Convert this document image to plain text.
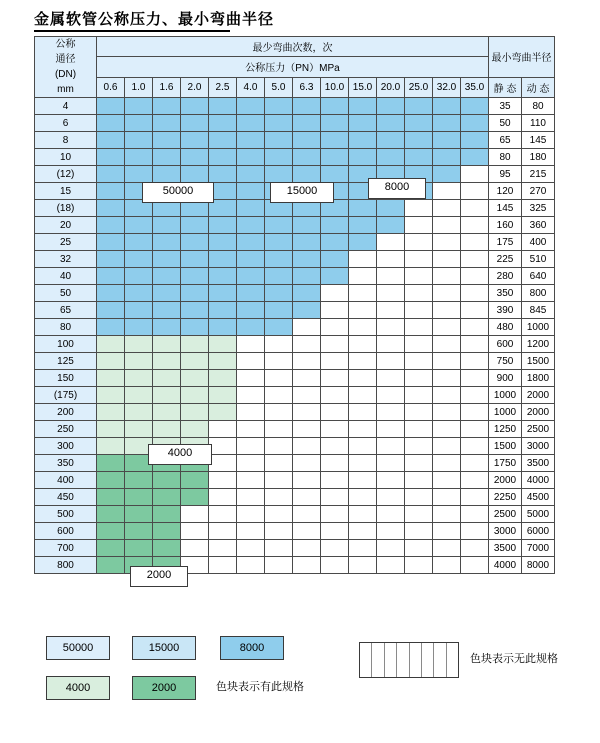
金属软管公称压力、最小弯曲半径
公称
通径
(DN)
mm	最少弯曲次数，次														最小弯曲半径	
	公称压力（PN）MPa															
	0.6	1.0	1.6	2.0	2.5	4.0	5.0	6.3	10.0	15.0	20.0	25.0	32.0	35.0	静 态	动 态
4															35	80
6															50	110
8															65	145
10															80	180
(12)															95	215
15															120	270
(18)															145	325
20															160	360
25															175	400
32															225	510
40															280	640
50															350	800
65															390	845
80															480	1000
100															600	1200
125															750	1500
150															900	1800
(175)															1000	2000
200															1000	2000
250															1250	2500
300															1500	3000
350															1750	3500
400															2000	4000
450															2250	4500
500															2500	5000
600															3000	6000
700															3500	7000
800															4000	8000
50000	15000	8000
4000
2000
50000	15000	8000
4000	2000	色块表示有此规格
色块表示无此规格
